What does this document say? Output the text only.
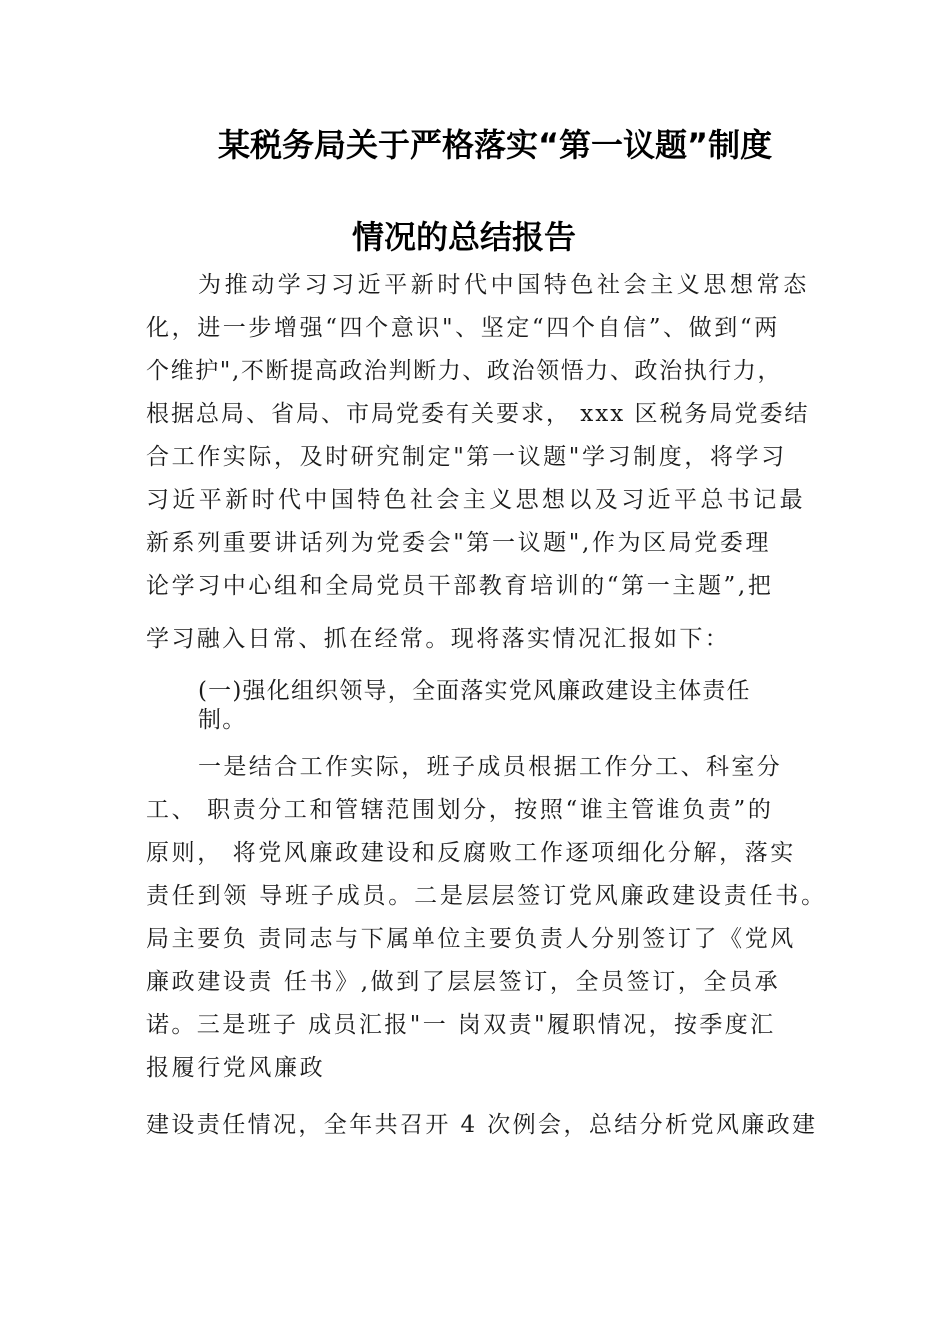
某税务局关于严格落实“第一议题”制度
情况的总结报告
为推动学习习近平新时代中国特色社会主义思想常态
化，进一步增强“四个意识"、坚定“四个自信”、做到“两
个维护",不断提高政治判断力、政治领悟力、政治执行力，
根据总局、省局、市局党委有关要求， xxx 区税务局党委结
合工作实际，及时研究制定"第一议题"学习制度，将学习
习近平新时代中国特色社会主义思想以及习近平总书记最
新系列重要讲话列为党委会"第一议题",作为区局党委理
论学习中心组和全局党员干部教育培训的“第一主题”,把
学习融入日常、抓在经常。现将落实情况汇报如下：
(一)强化组织领导，全面落实党风廉政建设主体责任
制。
一是结合工作实际，班子成员根据工作分工、科室分
工、 职责分工和管辖范围划分，按照“谁主管谁负责”的
原则， 将党风廉政建设和反腐败工作逐项细化分解，落实
责任到领 导班子成员。二是层层签订党风廉政建设责任书。
局主要负 责同志与下属单位主要负责人分别签订了《党风
廉政建设责 任书》,做到了层层签订，全员签订，全员承
诺。三是班子 成员汇报"一 岗双责"履职情况，按季度汇
报履行党风廉政
建设责任情况，全年共召开 4 次例会，总结分析党风廉政建
